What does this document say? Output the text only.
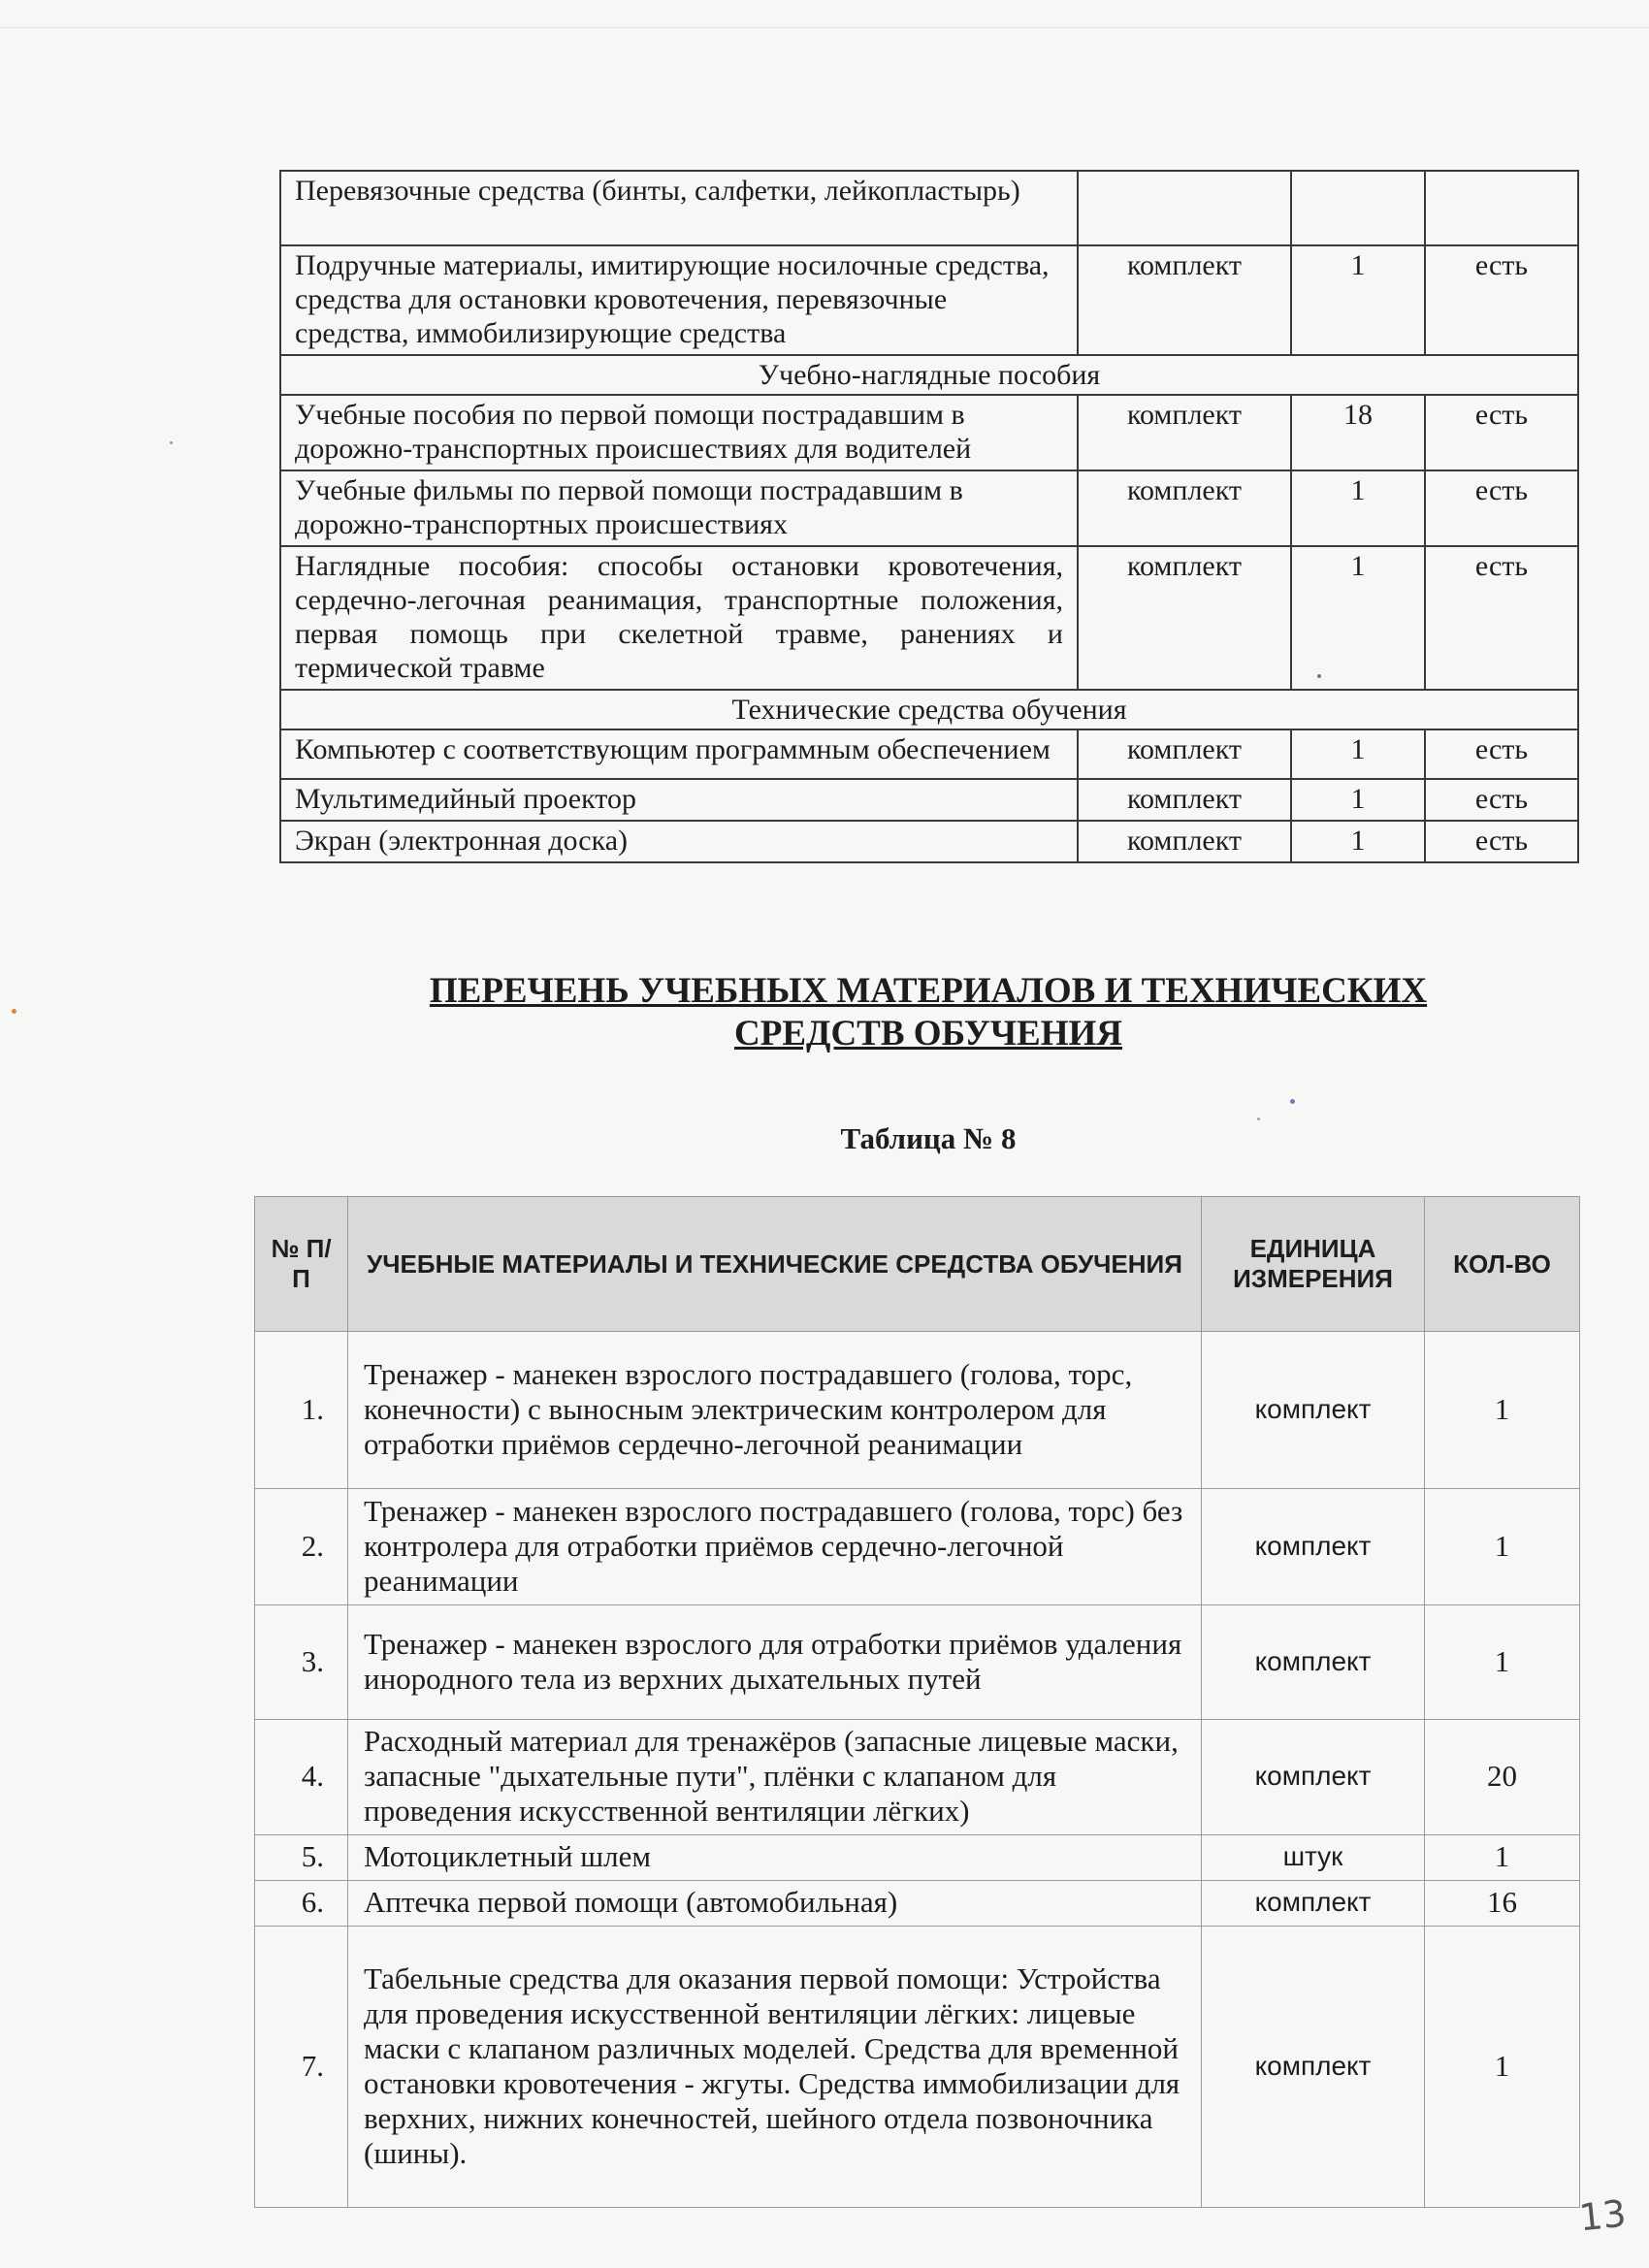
Перевязочные средства (бинты, салфетки, лейкопластырь)			
Подручные материалы, имитирующие носилочные средства, средства для остановки кровотечения, перевязочные средства, иммобилизирующие средства	комплект	1	есть
Учебно-наглядные пособия			
Учебные пособия по первой помощи пострадавшим в дорожно-транспортных происшествиях для водителей	комплект	18	есть
Учебные фильмы по первой помощи пострадавшим в дорожно-транспортных происшествиях	комплект	1	есть
Наглядные пособия: способы остановки кровотечения, сердечно-легочная реанимация, транспортные положения, первая помощь при скелетной травме, ранениях и термической травме	комплект	1	есть
Технические средства обучения			
Компьютер с соответствующим программным обеспечением	комплект	1	есть
Мультимедийный проектор	комплект	1	есть
Экран (электронная доска)	комплект	1	есть
ПЕРЕЧЕНЬ УЧЕБНЫХ МАТЕРИАЛОВ И ТЕХНИЧЕСКИХ
СРЕДСТВ ОБУЧЕНИЯ
Таблица № 8
№ П/П	УЧЕБНЫЕ МАТЕРИАЛЫ И ТЕХНИЧЕСКИЕ СРЕДСТВА ОБУЧЕНИЯ	ЕДИНИЦА ИЗМЕРЕНИЯ	КОЛ-ВО
1.	Тренажер - манекен взрослого пострадавшего (голова, торс, конечности) с выносным электрическим контролером для отработки приёмов сердечно-легочной реанимации	комплект	1
2.	Тренажер - манекен взрослого пострадавшего (голова, торс) без контролера для отработки приёмов сердечно-легочной реанимации	комплект	1
3.	Тренажер - манекен взрослого для отработки приёмов удаления инородного тела из верхних дыхательных путей	комплект	1
4.	Расходный материал для тренажёров (запасные лицевые маски, запасные "дыхательные пути", плёнки с клапаном для проведения искусственной вентиляции лёгких)	комплект	20
5.	Мотоциклетный шлем	штук	1
6.	Аптечка первой помощи (автомобильная)	комплект	16
7.	Табельные средства для оказания первой помощи: Устройства для проведения искусственной вентиляции лёгких: лицевые маски с клапаном различных моделей. Средства для временной остановки кровотечения - жгуты. Средства иммобилизации для верхних, нижних конечностей, шейного отдела позвоночника (шины).	комплект	1
13
